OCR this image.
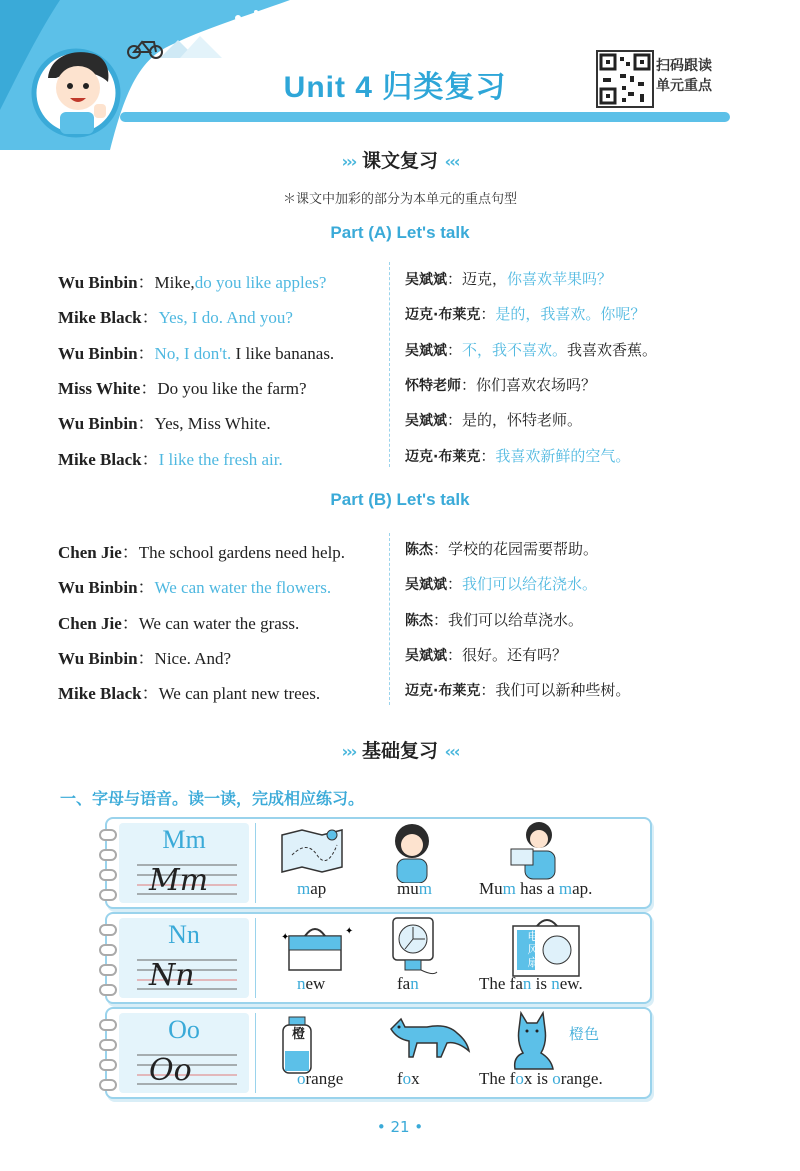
Unit 4 归类复习
扫码跟读
单元重点
››› 课文复习 ‹‹‹
＊课文中加彩的部分为本单元的重点句型
Part (A) Let's talk
Wu Binbin：Mike,do you like apples?	吴斌斌：迈克，你喜欢苹果吗？
Mike Black：Yes, I do. And you?	迈克·布莱克：是的，我喜欢。你呢？
Wu Binbin：No, I don't. I like bananas.	吴斌斌：不，我不喜欢。我喜欢香蕉。
Miss White：Do you like the farm?	怀特老师：你们喜欢农场吗？
Wu Binbin：Yes, Miss White.	吴斌斌：是的，怀特老师。
Mike Black：I like the fresh air.	迈克·布莱克：我喜欢新鲜的空气。
Part (B) Let's talk
Chen Jie：The school gardens need help.	陈杰：学校的花园需要帮助。
Wu Binbin：We can water the flowers.	吴斌斌：我们可以给花浇水。
Chen Jie：We can water the grass.	陈杰：我们可以给草浇水。
Wu Binbin：Nice. And?	吴斌斌：很好。还有吗？
Mike Black：We can plant new trees.	迈克·布莱克：我们可以新种些树。
››› 基础复习 ‹‹‹
一、字母与语音。读一读，完成相应练习。
Mm
Mm	map	mum	Mum has a map.
Nn
Nn
✦
✦
new	fan	The fan is new.
电
风
扇
Oo
Oo	orange	fox	The fox is orange.
橙	橙色
• 21 •
